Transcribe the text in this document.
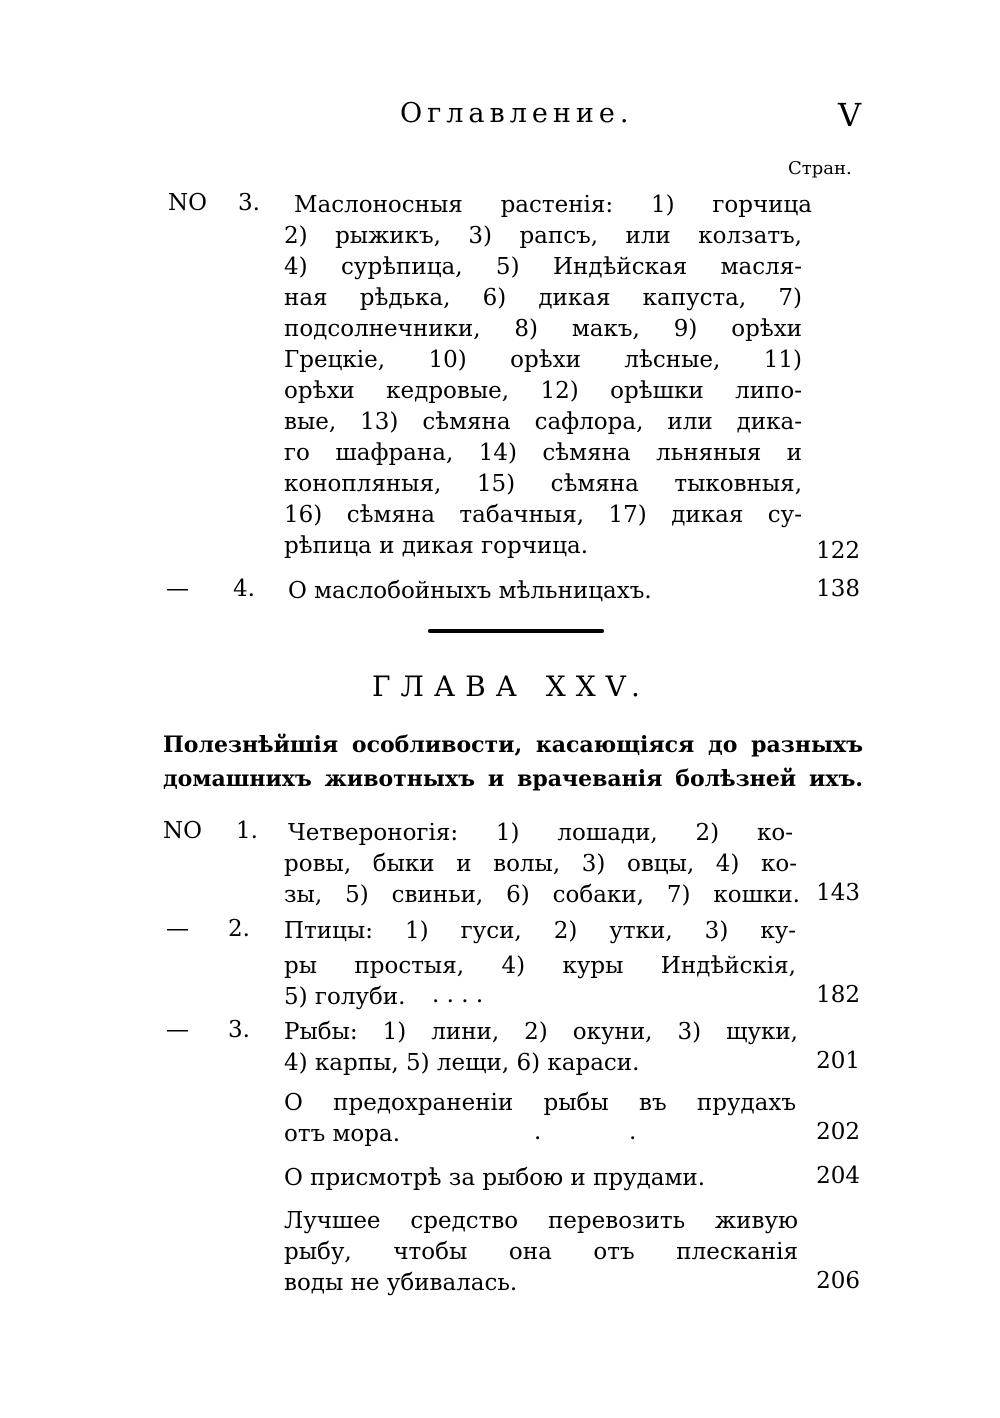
Оглавление.	V
Стран.
NO 3. Маслоносныя растенія: 1) горчица
2) рыжикъ, 3) рапсъ, или колзатъ,
4) сурѣпица, 5) Индѣйская масля-
ная рѣдька, 6) дикая капуста, 7)
подсолнечники, 8) макъ, 9) орѣхи
Грецкіе, 10) орѣхи лѣсные, 11)
орѣхи кедровые, 12) орѣшки липо-
вые, 13) сѣмяна сафлора, или дика-
го шафрана, 14) сѣмяна льняныя и
конопляныя, 15) сѣмяна тыковныя,
16) сѣмяна табачныя, 17) дикая су-
рѣпица и дикая горчица.	122
— 4. О маслобойныхъ мѣльницахъ.	138
ГЛАВА XXV.
Полезнѣйшія особливости, касающіяся до разныхъ
домашнихъ животныхъ и врачеванія болѣзней ихъ.
NO 1. Четвероногія: 1) лошади, 2) ко-
ровы, быки и волы, 3) овцы, 4) ко-
зы, 5) свиньи, 6) собаки, 7) кошки. 143
— 2. Птицы: 1) гуси, 2) утки, 3) ку-
ры простыя, 4) куры Индѣйскія,
5) голуби.	. . . .	182
— 3. Рыбы: 1) лини, 2) окуни, 3) щуки,
4) карпы, 5) лещи, 6) караси.	201
О предохраненіи рыбы въ прудахъ
отъ мора.	.            .	202
О присмотрѣ за рыбою и прудами.	204
Лучшее средство перевозить живую
рыбу, чтобы она отъ плесканія
воды не убивалась.	206
